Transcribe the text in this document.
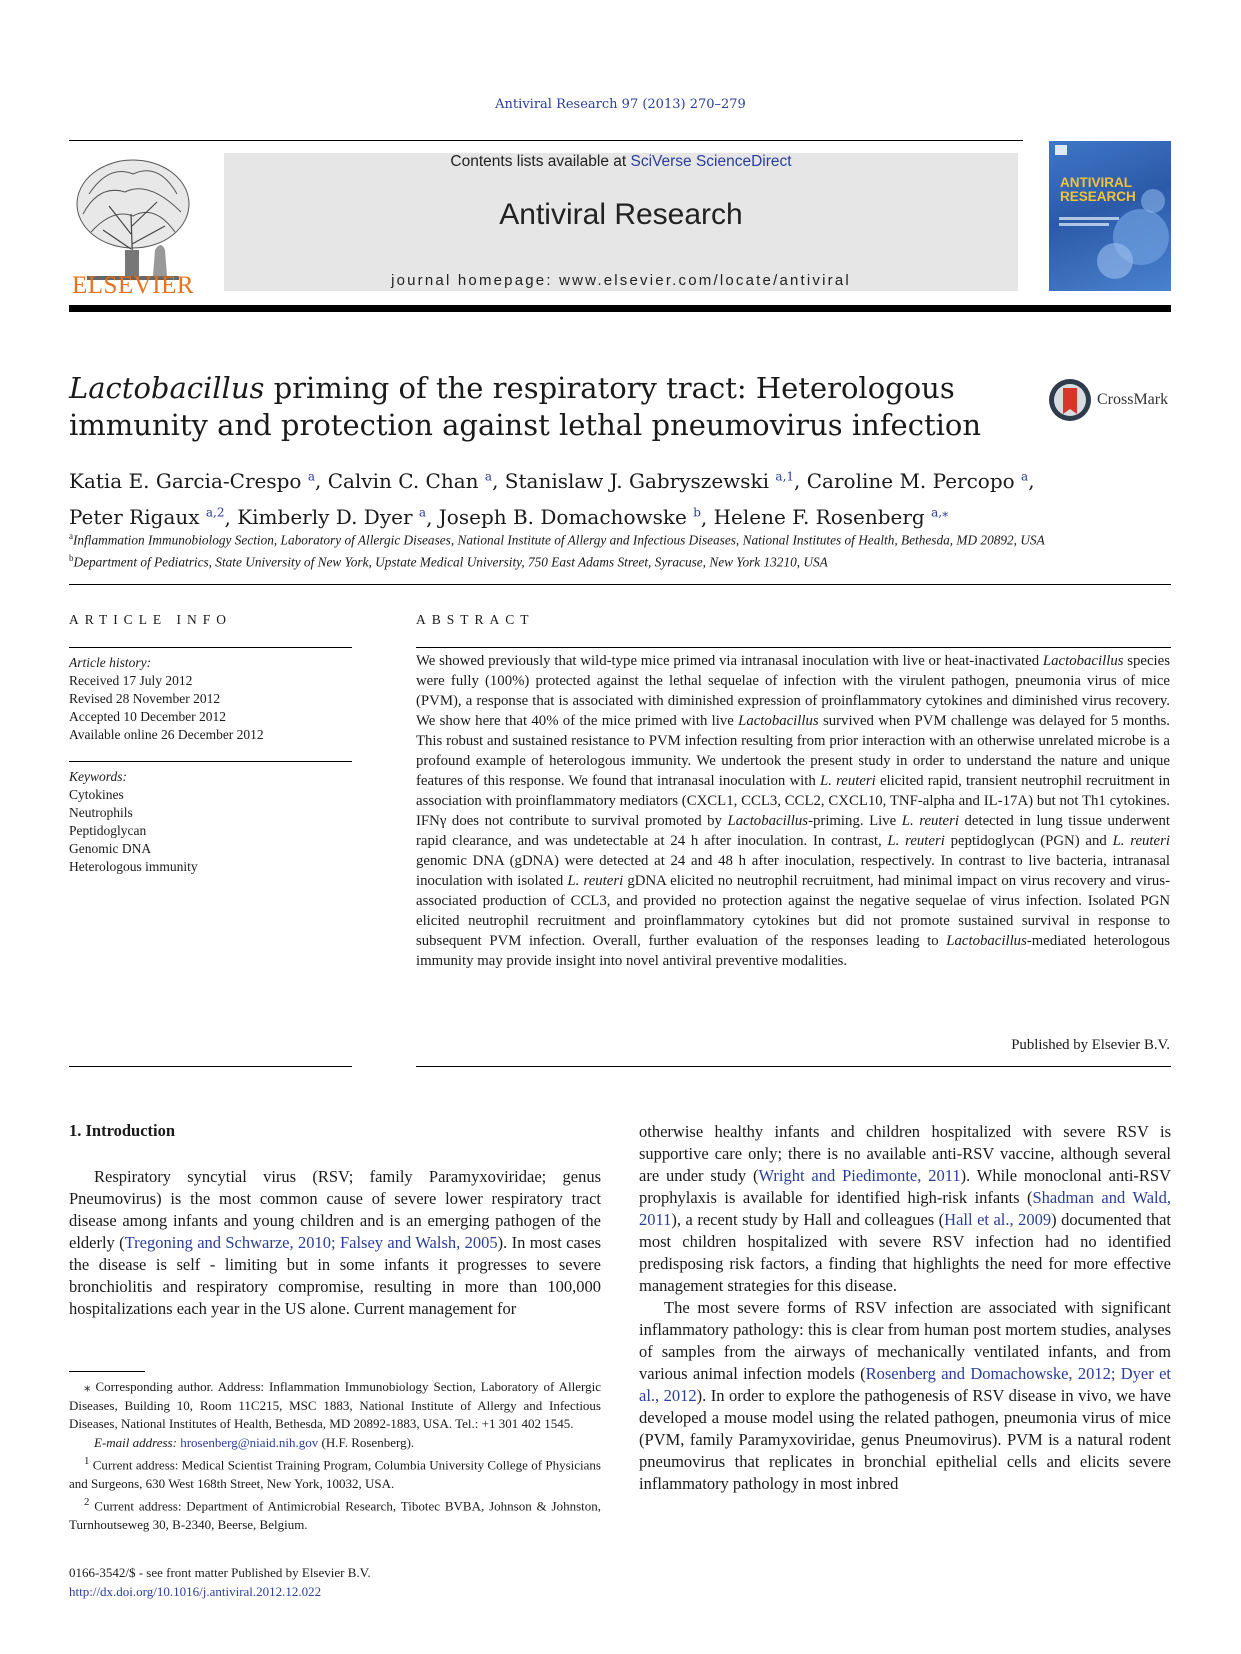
Antiviral Research 97 (2013) 270–279
ELSEVIER
Contents lists available at SciVerse ScienceDirect
Antiviral Research
journal homepage: www.elsevier.com/locate/antiviral
ANTIVIRAL
RESEARCH
Lactobacillus priming of the respiratory tract: Heterologous immunity and protection against lethal pneumovirus infection
CrossMark
Katia E. Garcia-Crespo $^a$, Calvin C. Chan $^a$, Stanislaw J. Gabryszewski $^{a,1}$, Caroline M. Percopo $^a$,
Peter Rigaux $^{a,2}$, Kimberly D. Dyer $^a$, Joseph B. Domachowske $^b$, Helene F. Rosenberg $^{a,⁎}$
$^a$Inflammation Immunobiology Section, Laboratory of Allergic Diseases, National Institute of Allergy and Infectious Diseases, National Institutes of Health, Bethesda, MD 20892, USA
$^b$Department of Pediatrics, State University of New York, Upstate Medical University, 750 East Adams Street, Syracuse, New York 13210, USA
ARTICLE INFO
Article history:
Received 17 July 2012
Revised 28 November 2012
Accepted 10 December 2012
Available online 26 December 2012
Keywords:
Cytokines
Neutrophils
Peptidoglycan
Genomic DNA
Heterologous immunity
ABSTRACT
We showed previously that wild-type mice primed via intranasal inoculation with live or heat-inactivated Lactobacillus species were fully (100%) protected against the lethal sequelae of infection with the virulent pathogen, pneumonia virus of mice (PVM), a response that is associated with diminished expression of proinflammatory cytokines and diminished virus recovery. We show here that 40% of the mice primed with live Lactobacillus survived when PVM challenge was delayed for 5 months. This robust and sustained resistance to PVM infection resulting from prior interaction with an otherwise unrelated microbe is a profound example of heterologous immunity. We undertook the present study in order to understand the nature and unique features of this response. We found that intranasal inoculation with L. reuteri elicited rapid, transient neutrophil recruitment in association with proinflammatory mediators (CXCL1, CCL3, CCL2, CXCL10, TNF-alpha and IL-17A) but not Th1 cytokines. IFNγ does not contribute to survival promoted by Lactobacillus-priming. Live L. reuteri detected in lung tissue underwent rapid clearance, and was undetectable at 24 h after inoculation. In contrast, L. reuteri peptidoglycan (PGN) and L. reuteri genomic DNA (gDNA) were detected at 24 and 48 h after inoculation, respectively. In contrast to live bacteria, intranasal inoculation with isolated L. reuteri gDNA elicited no neutrophil recruitment, had minimal impact on virus recovery and virus-associated production of CCL3, and provided no protection against the negative sequelae of virus infection. Isolated PGN elicited neutrophil recruitment and proinflammatory cytokines but did not promote sustained survival in response to subsequent PVM infection. Overall, further evaluation of the responses leading to Lactobacillus-mediated heterologous immunity may provide insight into novel antiviral preventive modalities.
Published by Elsevier B.V.
1. Introduction

Respiratory syncytial virus (RSV; family Paramyxoviridae; genus Pneumovirus) is the most common cause of severe lower respiratory tract disease among infants and young children and is an emerging pathogen of the elderly (Tregoning and Schwarze, 2010; Falsey and Walsh, 2005). In most cases the disease is self - limiting but in some infants it progresses to severe bronchiolitis and respiratory compromise, resulting in more than 100,000 hospitalizations each year in the US alone. Current management for

otherwise healthy infants and children hospitalized with severe RSV is supportive care only; there is no available anti-RSV vaccine, although several are under study (Wright and Piedimonte, 2011). While monoclonal anti-RSV prophylaxis is available for identified high-risk infants (Shadman and Wald, 2011), a recent study by Hall and colleagues (Hall et al., 2009) documented that most children hospitalized with severe RSV infection had no identified predisposing risk factors, a finding that highlights the need for more effective management strategies for this disease.

The most severe forms of RSV infection are associated with significant inflammatory pathology: this is clear from human post mortem studies, analyses of samples from the airways of mechanically ventilated infants, and from various animal infection models (Rosenberg and Domachowske, 2012; Dyer et al., 2012). In order to explore the pathogenesis of RSV disease in vivo, we have developed a mouse model using the related pathogen, pneumonia virus of mice (PVM, family Paramyxoviridae, genus Pneumovirus). PVM is a natural rodent pneumovirus that replicates in bronchial epithelial cells and elicits severe inflammatory pathology in most inbred

⁎ Corresponding author. Address: Inflammation Immunobiology Section, Laboratory of Allergic Diseases, Building 10, Room 11C215, MSC 1883, National Institute of Allergy and Infectious Diseases, National Institutes of Health, Bethesda, MD 20892-1883, USA. Tel.: +1 301 402 1545.

E-mail address: hrosenberg@niaid.nih.gov (H.F. Rosenberg).

$^1$ Current address: Medical Scientist Training Program, Columbia University College of Physicians and Surgeons, 630 West 168th Street, New York, 10032, USA.

$^2$ Current address: Department of Antimicrobial Research, Tibotec BVBA, Johnson & Johnston, Turnhoutseweg 30, B-2340, Beerse, Belgium.

0166-3542/$ - see front matter Published by Elsevier B.V.
http://dx.doi.org/10.1016/j.antiviral.2012.12.022
